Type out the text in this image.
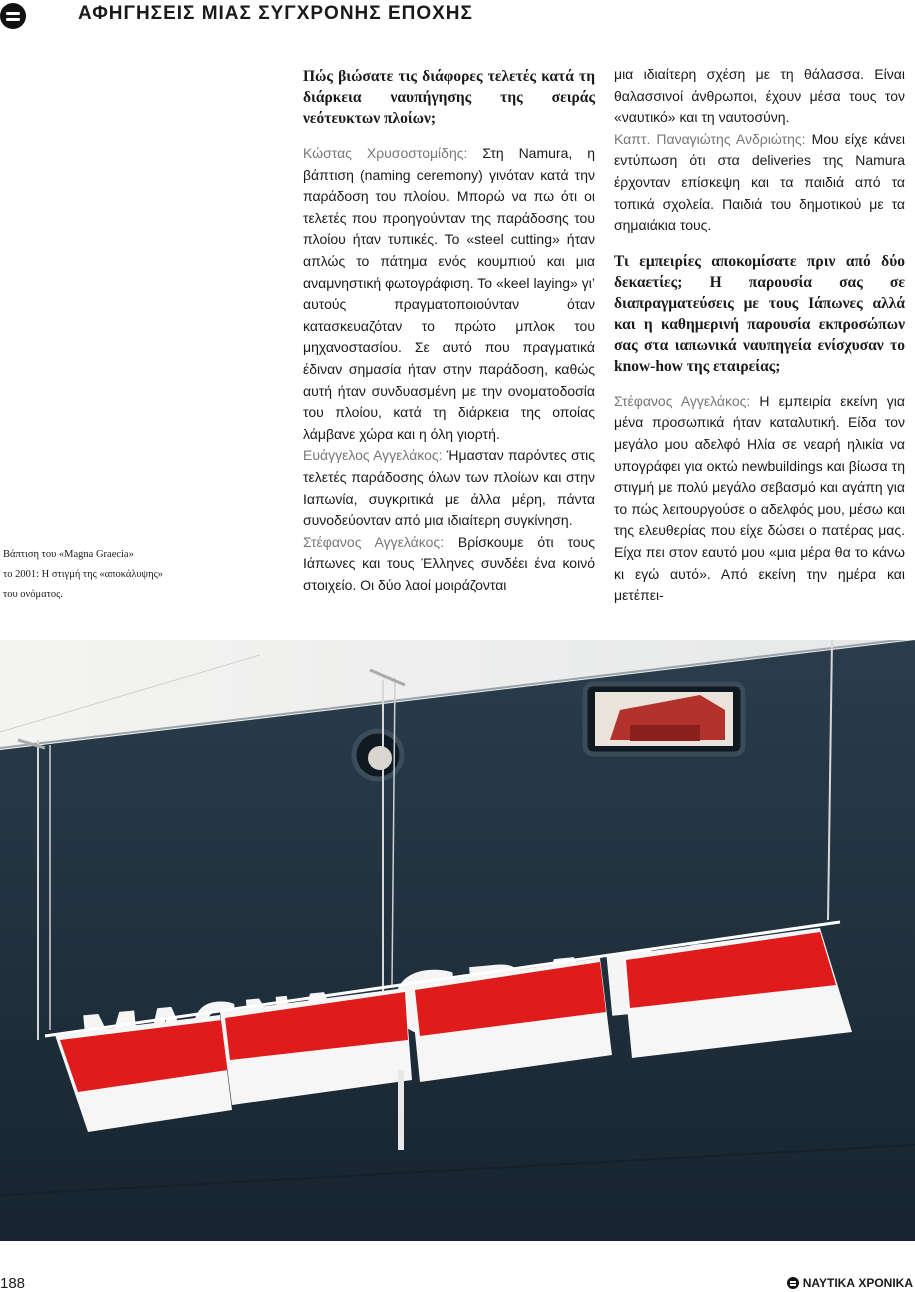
ΑΦΗΓΗΣΕΙΣ ΜΙΑΣ ΣΥΓΧΡΟΝΗΣ ΕΠΟΧΗΣ
Βάπτιση του «Magna Graecia»
το 2001: Η στιγμή της «αποκάλυψης»
του ονόματος.

Πώς βιώσατε τις διάφορες τελετές κατά τη διάρκεια ναυπήγησης της σειράς νεότευκτων πλοίων;

Κώστας Χρυσοστομίδης: Στη Namura, η βάπτιση (naming ceremony) γινόταν κατά την παράδοση του πλοίου. Μπορώ να πω ότι οι τελετές που προηγούνταν της παράδοσης του πλοίου ήταν τυπικές. Το «steel cutting» ήταν απλώς το πάτημα ενός κουμπιού και μια αναμνηστική φωτογράφιση. Το «keel laying» γι’ αυτούς πραγματοποιούνταν όταν κατασκευαζόταν το πρώτο μπλοκ του μηχανοστασίου. Σε αυτό που πραγματικά έδιναν σημασία ήταν στην παράδοση, καθώς αυτή ήταν συνδυασμένη με την ονοματοδοσία του πλοίου, κατά τη διάρκεια της οποίας λάμβανε χώρα και η όλη γιορτή.

Ευάγγελος Αγγελάκος: Ήμασταν παρόντες στις τελετές παράδοσης όλων των πλοίων και στην Ιαπωνία, συγκριτικά με άλλα μέρη, πάντα συνοδεύονταν από μια ιδιαίτερη συγκίνηση.

Στέφανος Αγγελάκος: Βρίσκουμε ότι τους Ιάπωνες και τους Έλληνες συνδέει ένα κοινό στοιχείο. Οι δύο λαοί μοιράζονται

μια ιδιαίτερη σχέση με τη θάλασσα. Είναι θαλασσινοί άνθρωποι, έχουν μέσα τους τον «ναυτικό» και τη ναυτοσύνη.

Καπτ. Παναγιώτης Ανδριώτης: Μου είχε κάνει εντύπωση ότι στα deliveries της Namura έρχονταν επίσκεψη και τα παιδιά από τα τοπικά σχολεία. Παιδιά του δημοτικού με τα σημαιάκια τους.

Τι εμπειρίες αποκομίσατε πριν από δύο δεκαετίες; Η παρουσία σας σε διαπραγματεύσεις με τους Ιάπωνες αλλά και η καθημερινή παρουσία εκπροσώπων σας στα ιαπωνικά ναυπηγεία ενίσχυσαν το know-how της εταιρείας;

Στέφανος Αγγελάκος: Η εμπειρία εκείνη για μένα προσωπικά ήταν καταλυτική. Είδα τον μεγάλο μου αδελφό Ηλία σε νεαρή ηλικία να υπογράφει για οκτώ newbuildings και βίωσα τη στιγμή με πολύ μεγάλο σεβασμό και αγάπη για το πώς λειτουργούσε ο αδελφός μου, μέσω και της ελευθερίας που είχε δώσει ο πατέρας μας. Είχα πει στον εαυτό μου «μια μέρα θα το κάνω κι εγώ αυτό». Από εκείνη την ημέρα και μετέπει-

188	ΝΑΥΤΙΚΑ ΧΡΟΝΙΚΑ
